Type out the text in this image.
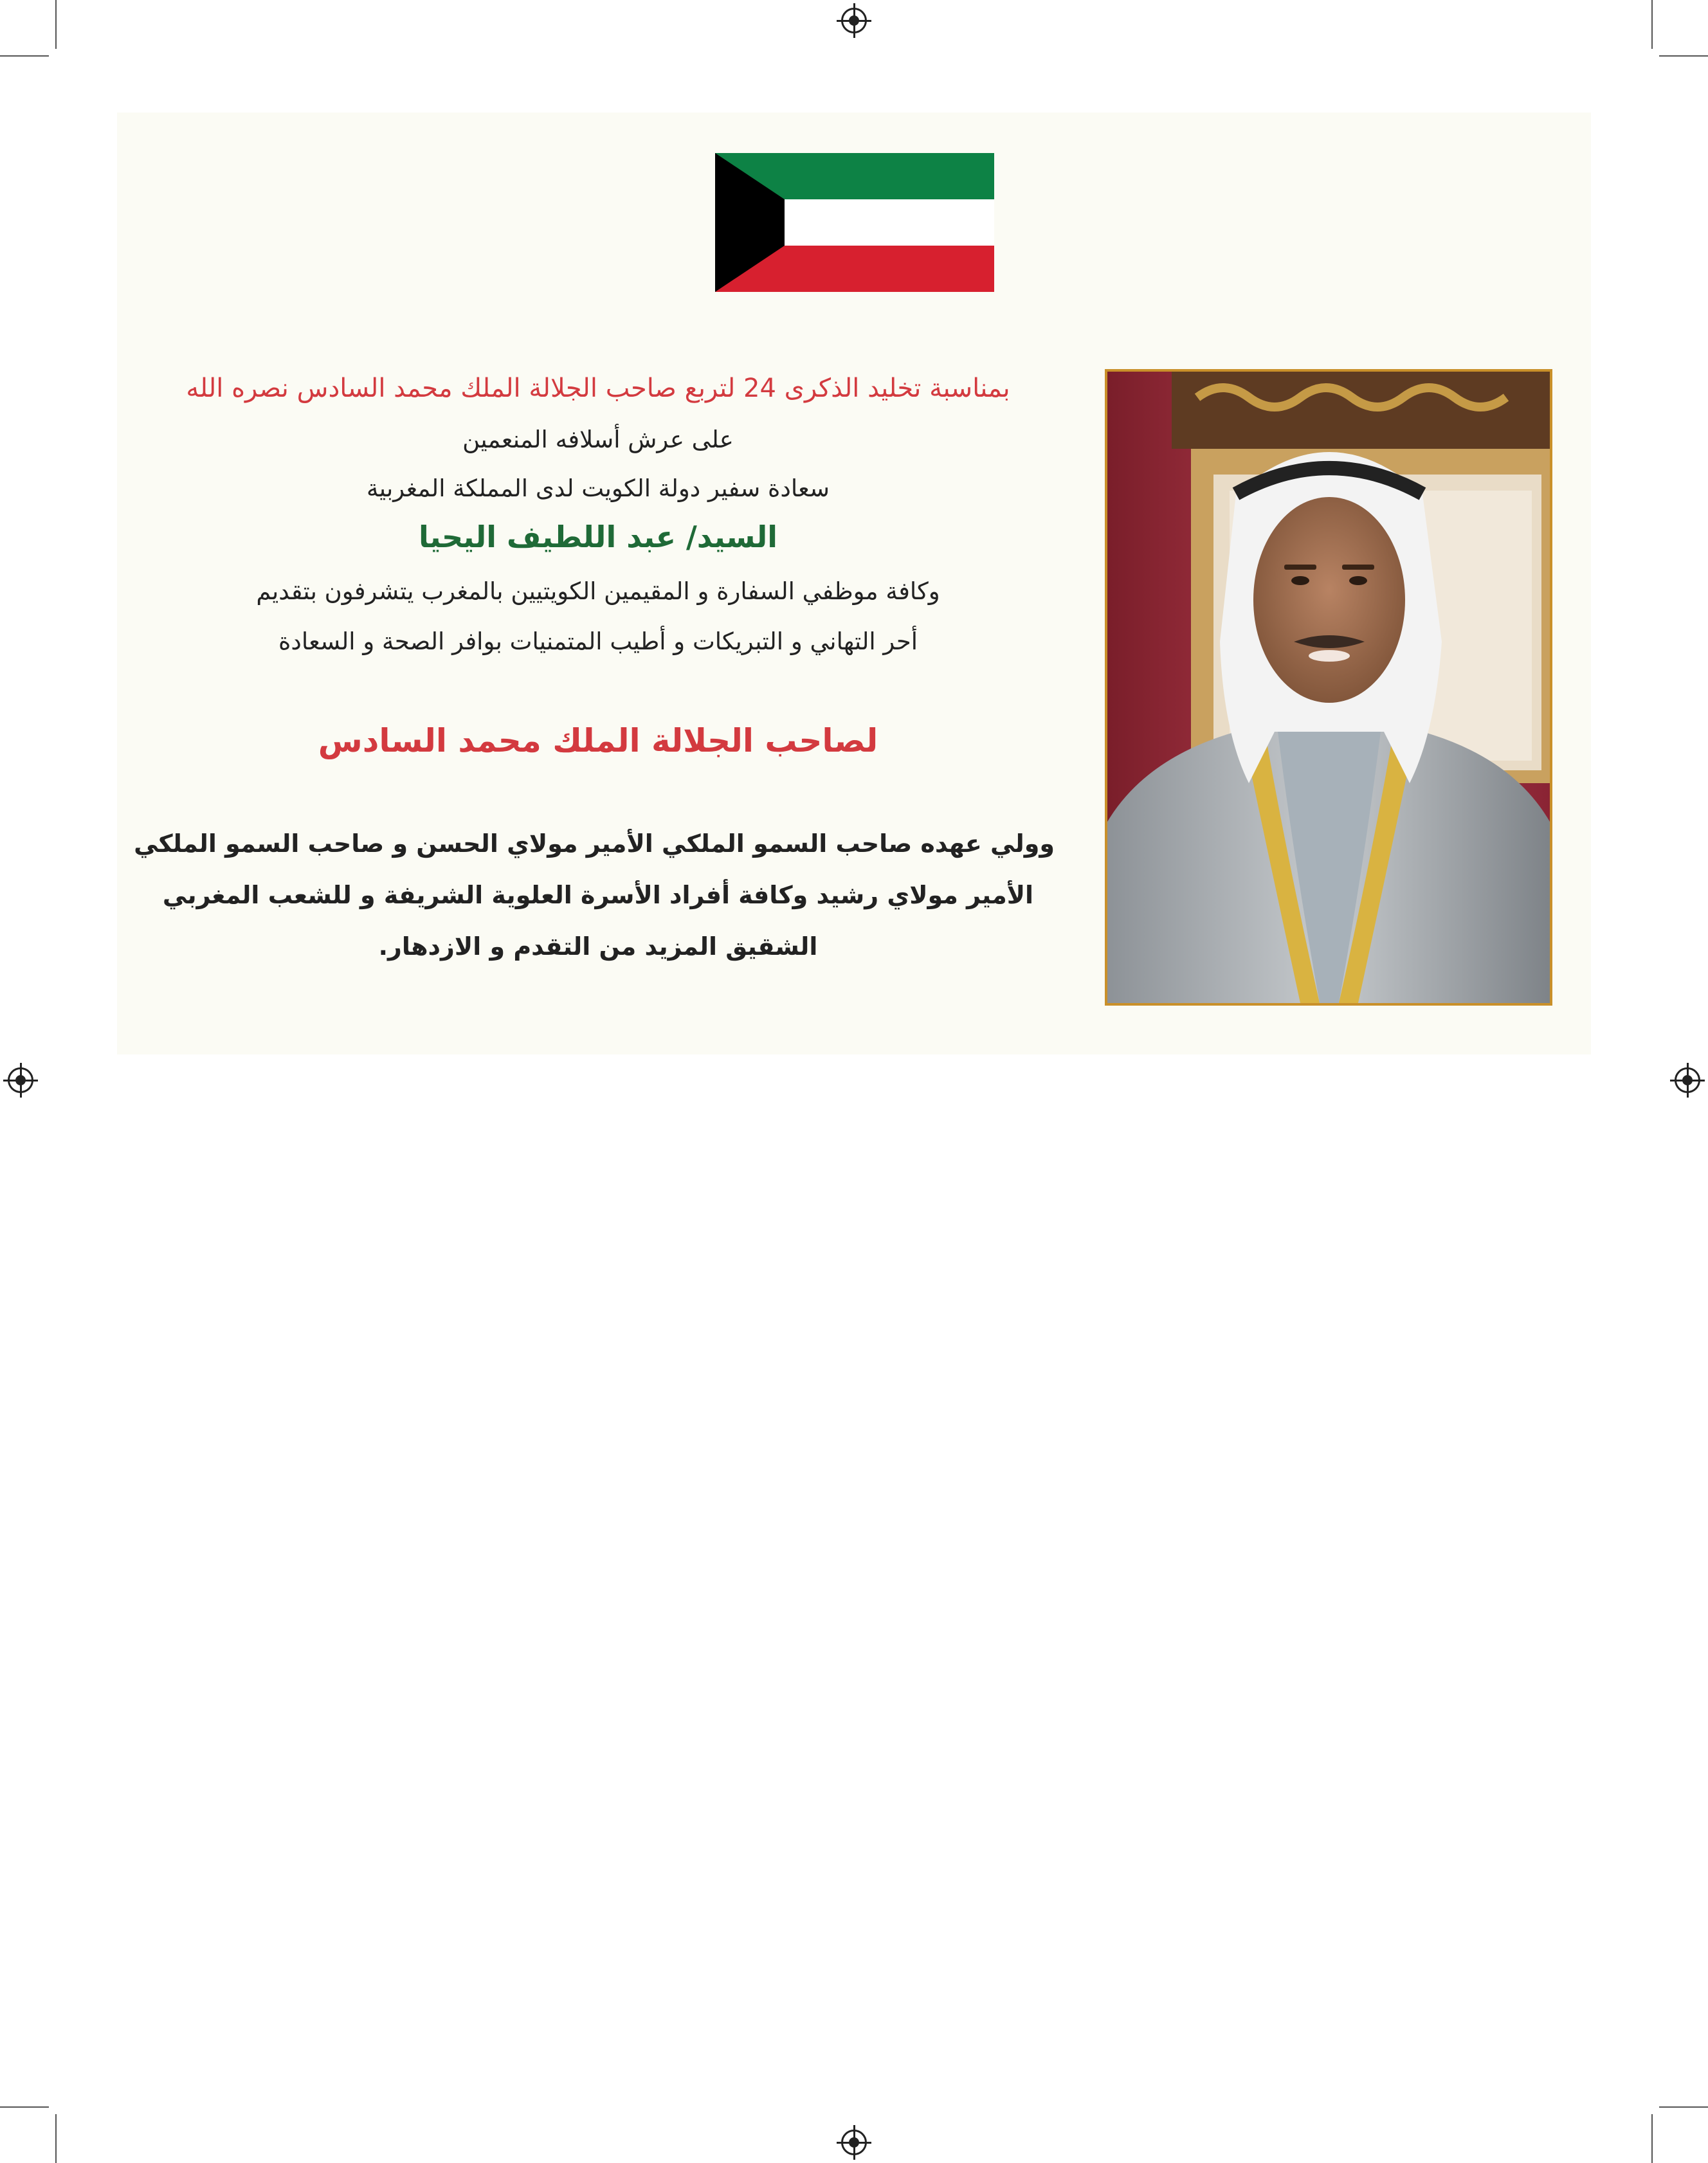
بمناسبة تخليد الذكرى 24 لتربع صاحب الجلالة الملك محمد السادس نصره الله
على عرش أسلافه المنعمين
سعادة سفير دولة الكويت لدى المملكة المغربية
السيد/ عبد اللطيف اليحيا
وكافة موظفي السفارة و المقيمين الكويتيين بالمغرب يتشرفون بتقديم
أحر التهاني و التبريكات و أطيب المتمنيات بوافر الصحة و السعادة
لصاحب الجلالة الملك محمد السادس
وولي عهده صاحب السمو الملكي الأمير مولاي الحسن و صاحب السمو الملكي
الأمير مولاي رشيد وكافة أفراد الأسرة العلوية الشريفة و للشعب المغربي
الشقيق المزيد من التقدم و الازدهار.
